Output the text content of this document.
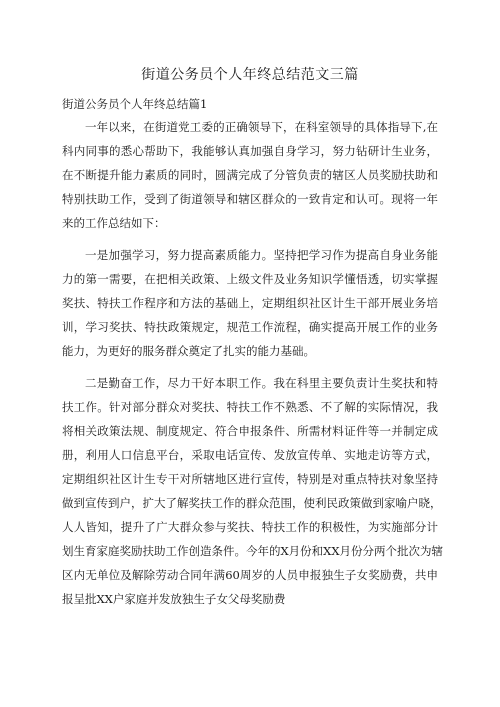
街道公务员个人年终总结范文三篇
街道公务员个人年终总结篇1
一年以来，在街道党工委的正确领导下，在科室领导的具体指导下,在
科内同事的悉心帮助下，我能够认真加强自身学习，努力钻研计生业务，
在不断提升能力素质的同时，圆满完成了分管负责的辖区人员奖励扶助和
特别扶助工作，受到了街道领导和辖区群众的一致肯定和认可。现将一年
来的工作总结如下：
一是加强学习，努力提高素质能力。坚持把学习作为提高自身业务能
力的第一需要，在把相关政策、上级文件及业务知识学懂悟透，切实掌握
奖扶、特扶工作程序和方法的基础上，定期组织社区计生干部开展业务培
训，学习奖扶、特扶政策规定，规范工作流程，确实提高开展工作的业务
能力，为更好的服务群众奠定了扎实的能力基础。
二是勤奋工作，尽力干好本职工作。我在科里主要负责计生奖扶和特
扶工作。针对部分群众对奖扶、特扶工作不熟悉、不了解的实际情况，我
将相关政策法规、制度规定、符合申报条件、所需材料证件等一并制定成
册，利用人口信息平台，采取电话宣传、发放宣传单、实地走访等方式，
定期组织社区计生专干对所辖地区进行宣传，特别是对重点特扶对象坚持
做到宣传到户，扩大了解奖扶工作的群众范围，使利民政策做到家喻户晓，
人人皆知，提升了广大群众参与奖扶、特扶工作的积极性，为实施部分计
划生育家庭奖励扶助工作创造条件。今年的X月份和XX月份分两个批次为辖
区内无单位及解除劳动合同年满60周岁的人员申报独生子女奖励费，共申
报呈批XX户家庭并发放独生子女父母奖励费
